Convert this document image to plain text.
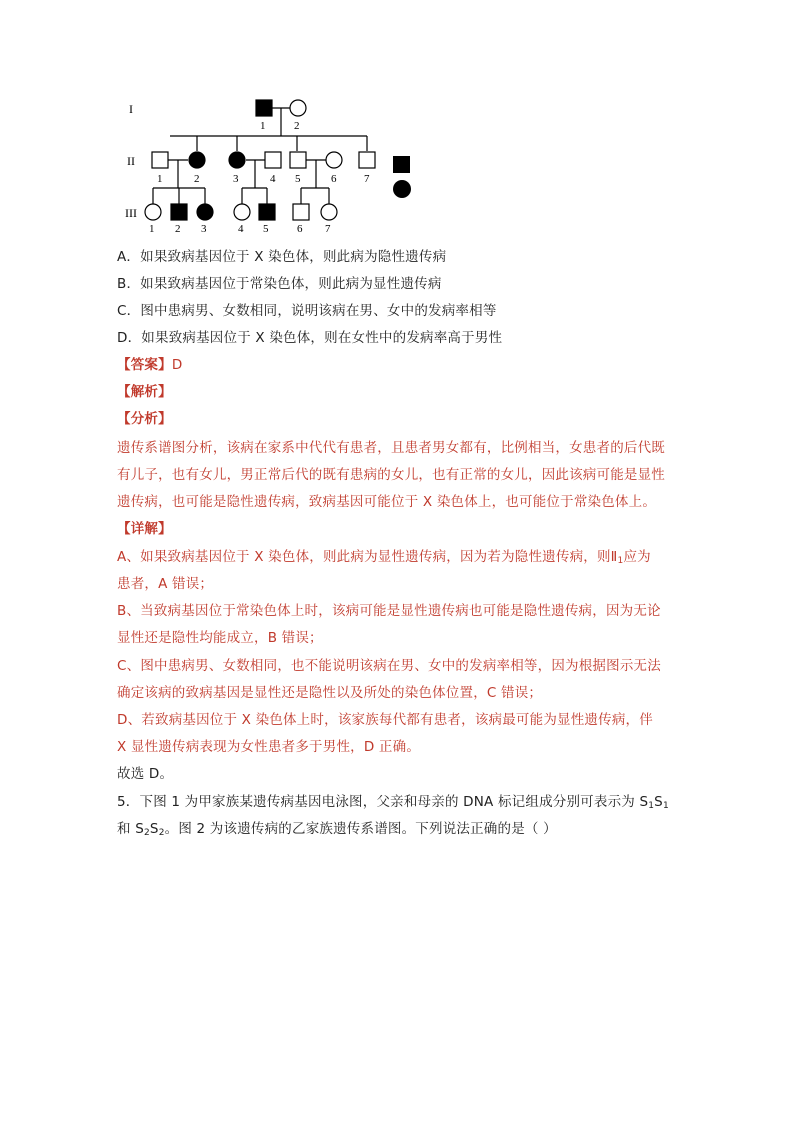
I
II
III
1	2
1	2	3	4 5	6	7
1 2 3	4 5	6 7
A．如果致病基因位于 X 染色体，则此病为隐性遗传病
B．如果致病基因位于常染色体，则此病为显性遗传病
C．图中患病男、女数相同，说明该病在男、女中的发病率相等
D．如果致病基因位于 X 染色体，则在女性中的发病率高于男性
【答案】D
【解析】
【分析】
遗传系谱图分析，该病在家系中代代有患者，且患者男女都有，比例相当，女患者的后代既
有儿子，也有女儿，男正常后代的既有患病的女儿，也有正常的女儿，因此该病可能是显性
遗传病，也可能是隐性遗传病，致病基因可能位于 X 染色体上，也可能位于常染色体上。
【详解】
A、如果致病基因位于 X 染色体，则此病为显性遗传病，因为若为隐性遗传病，则$Ⅱ_1$应为
患者，A 错误；
B、当致病基因位于常染色体上时，该病可能是显性遗传病也可能是隐性遗传病，因为无论
显性还是隐性均能成立，B 错误；
C、图中患病男、女数相同，也不能说明该病在男、女中的发病率相等，因为根据图示无法
确定该病的致病基因是显性还是隐性以及所处的染色体位置，C 错误；
D、若致病基因位于 X 染色体上时，该家族每代都有患者，该病最可能为显性遗传病，伴
X 显性遗传病表现为女性患者多于男性，D 正确。
故选 D。
5．下图 1 为甲家族某遗传病基因电泳图，父亲和母亲的 DNA 标记组成分别可表示为 $S_1S_1$
和 $S_2S_2$。图 2 为该遗传病的乙家族遗传系谱图。下列说法正确的是（ ）
